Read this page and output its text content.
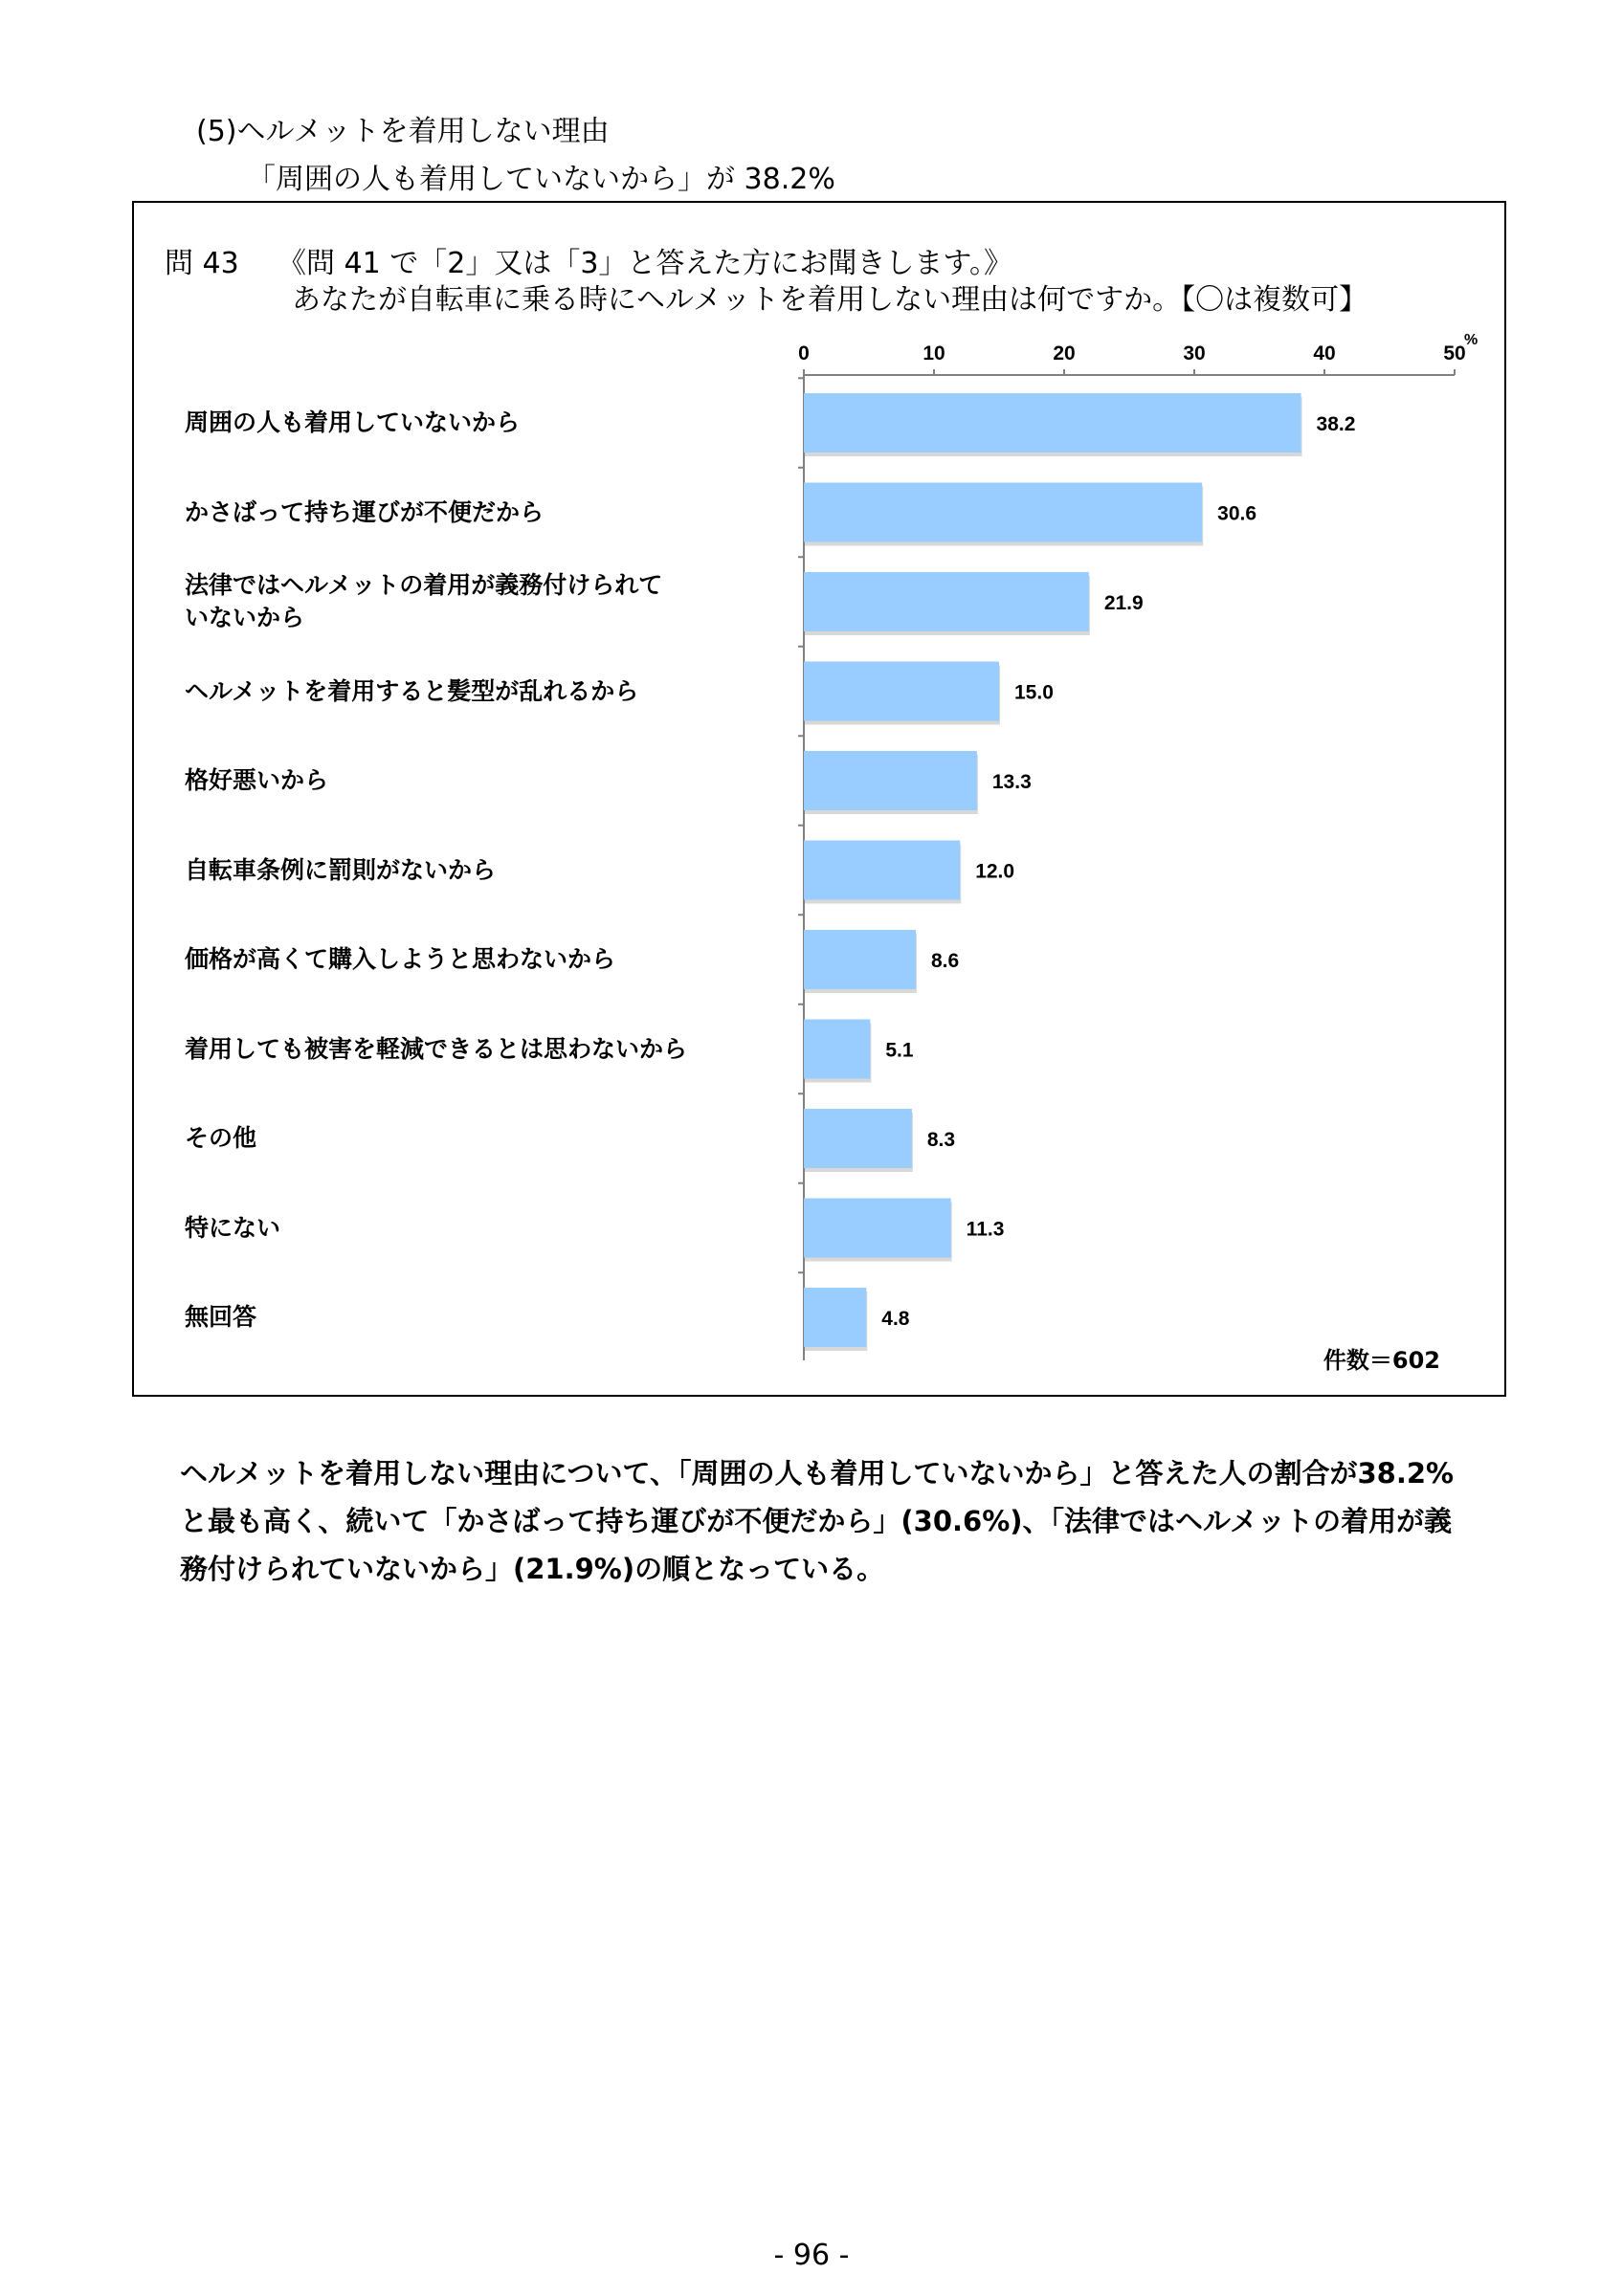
(5)ヘルメットを着用しない理由
「周囲の人も着用していないから」が 38.2%
問 43 《問 41 で「2」又は「3」と答えた方にお聞きします。》
あなたが自転車に乗る時にヘルメットを着用しない理由は何ですか。【〇は複数可】
周囲の人も着用していないから
かさばって持ち運びが不便だから
法律ではヘルメットの着用が義務付けられて
いないから
ヘルメットを着用すると髪型が乱れるから
格好悪いから
自転車条例に罰則がないから
価格が高くて購入しようと思わないから
着用しても被害を軽減できるとは思わないから
その他
特にない
無回答
0	10	20	30	40	50
%
38.2
30.6
21.9
15.0
13.3
12.0
8.6
5.1
8.3
11.3
4.8
件数＝602
ヘルメットを着用しない理由について、「周囲の人も着用していないから」と答えた人の割合が38.2%と最も高く、続いて「かさばって持ち運びが不便だから」(30.6%)、「法律ではヘルメットの着用が義務付けられていないから」(21.9%)の順となっている。
- 96 -
